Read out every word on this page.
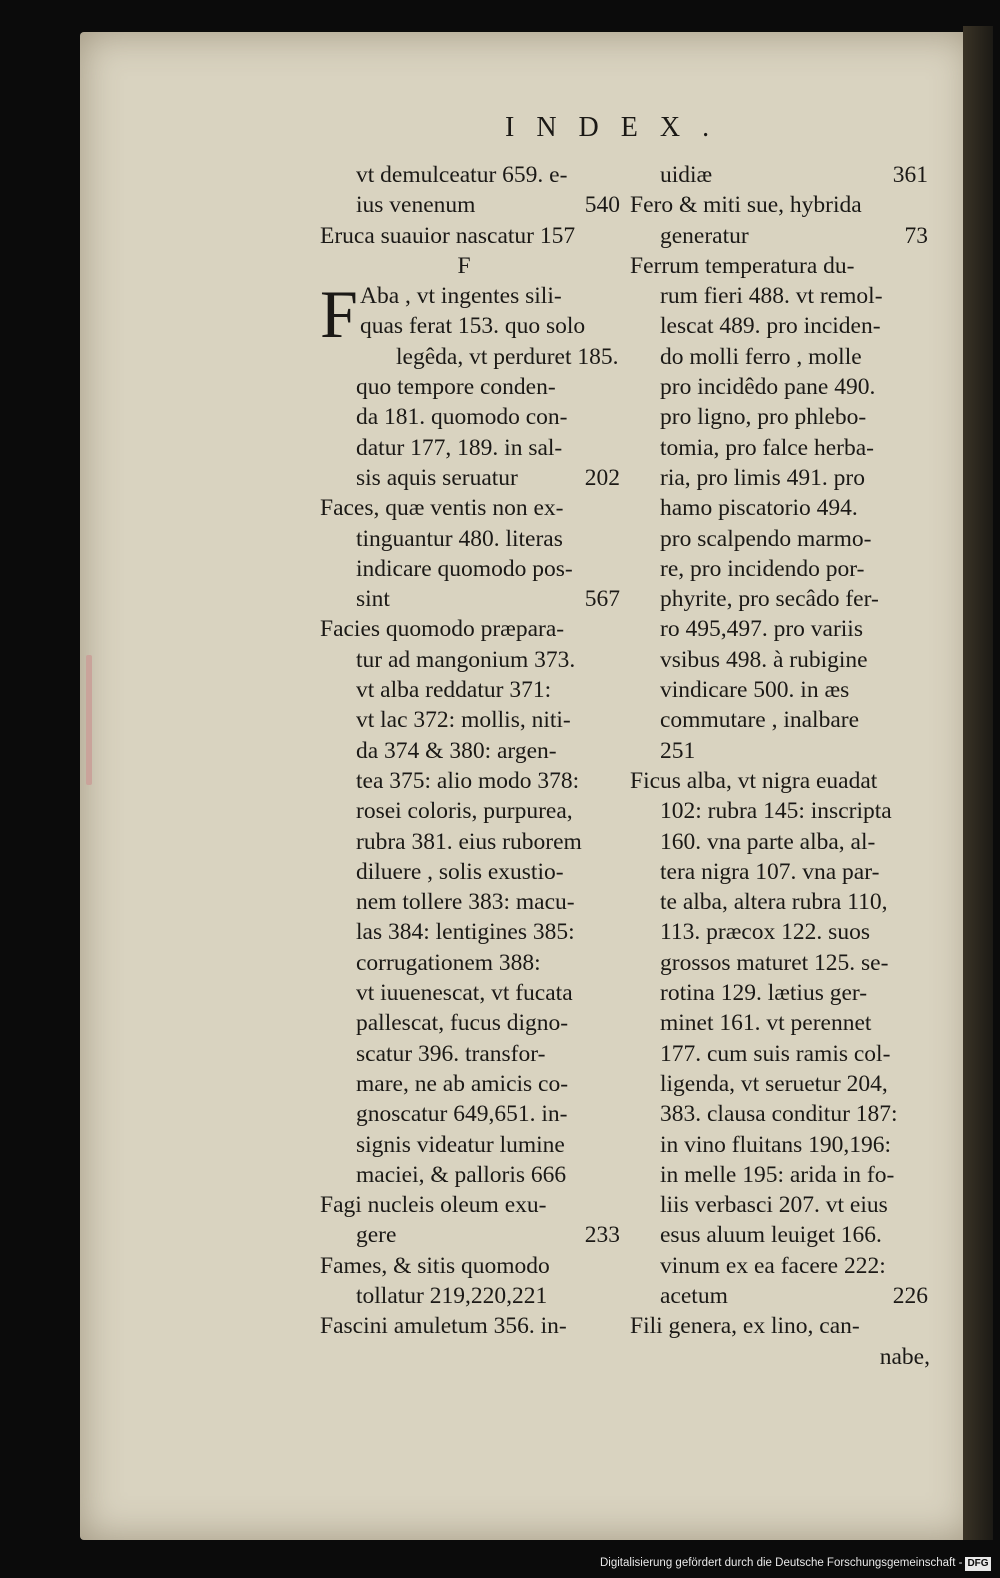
INDEX.
vt demulceatur 659. e-
ius venenum	540
Eruca suauior nascatur 157
F
F Aba , vt ingentes sili-
quas ferat 153. quo solo
legêda, vt perduret 185.
quo tempore conden-
da 181. quomodo con-
datur 177, 189. in sal-
sis aquis seruatur	202
Faces, quæ ventis non ex-
tinguantur 480. literas
indicare quomodo pos-
sint	567
Facies quomodo præpara-
tur ad mangonium 373.
vt alba reddatur 371:
vt lac 372: mollis, niti-
da 374 & 380: argen-
tea 375: alio modo 378:
rosei coloris, purpurea,
rubra 381. eius ruborem
diluere , solis exustio-
nem tollere 383: macu-
las 384: lentigines 385:
corrugationem 388:
vt iuuenescat, vt fucata
pallescat, fucus digno-
scatur 396. transfor-
mare, ne ab amicis co-
gnoscatur 649,651. in-
signis videatur lumine
maciei, & palloris 666
Fagi nucleis oleum exu-
gere	233
Fames, & sitis quomodo
tollatur 219,220,221
Fascini amuletum 356. in-
uidiæ	361
Fero & miti sue, hybrida
generatur	73
Ferrum temperatura du-
rum fieri 488. vt remol-
lescat 489. pro inciden-
do molli ferro , molle
pro incidêdo pane 490.
pro ligno, pro phlebo-
tomia, pro falce herba-
ria, pro limis 491. pro
hamo piscatorio 494.
pro scalpendo marmo-
re, pro incidendo por-
phyrite, pro secâdo fer-
ro 495,497. pro variis
vsibus 498. à rubigine
vindicare 500. in æs
commutare , inalbare
251
Ficus alba, vt nigra euadat
102: rubra 145: inscripta
160. vna parte alba, al-
tera nigra 107. vna par-
te alba, altera rubra 110,
113. præcox 122. suos
grossos maturet 125. se-
rotina 129. lætius ger-
minet 161. vt perennet
177. cum suis ramis col-
ligenda, vt seruetur 204,
383. clausa conditur 187:
in vino fluitans 190,196:
in melle 195: arida in fo-
liis verbasci 207. vt eius
esus aluum leuiget 166.
vinum ex ea facere 222:
acetum	226
Fili genera, ex lino, can-
nabe,
Digitalisierung gefördert durch die Deutsche Forschungsgemeinschaft - DFG
